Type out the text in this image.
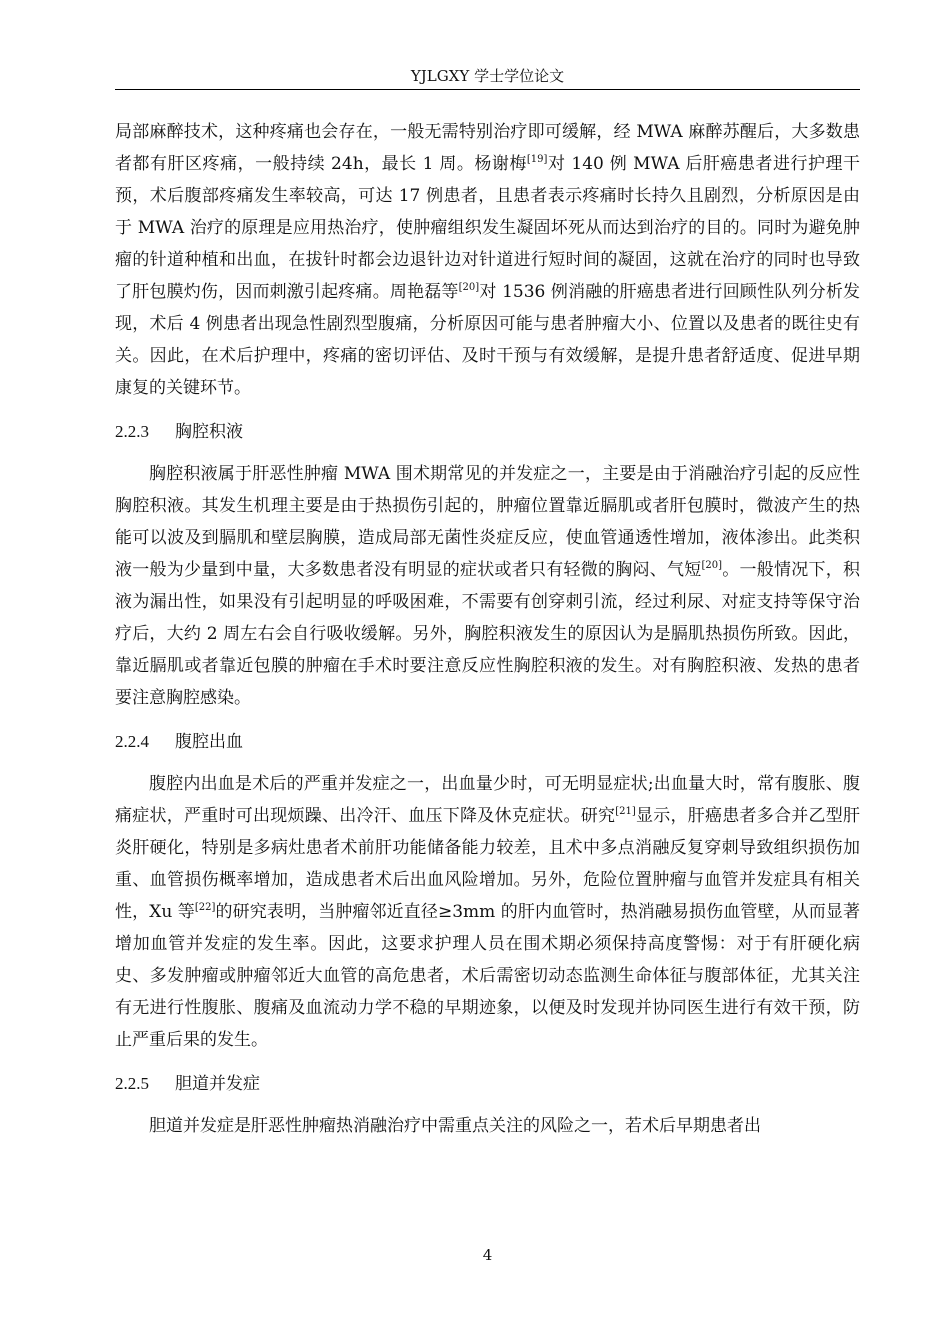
YJLGXY 学士学位论文

局部麻醉技术，这种疼痛也会存在，一般无需特别治疗即可缓解，经 MWA 麻醉苏醒后，大多数患者都有肝区疼痛，一般持续 24h，最长 1 周。杨谢梅[19]对 140 例 MWA 后肝癌患者进行护理干预，术后腹部疼痛发生率较高，可达 17 例患者，且患者表示疼痛时长持久且剧烈，分析原因是由于 MWA 治疗的原理是应用热治疗，使肿瘤组织发生凝固坏死从而达到治疗的目的。同时为避免肿瘤的针道种植和出血，在拔针时都会边退针边对针道进行短时间的凝固，这就在治疗的同时也导致了肝包膜灼伤，因而刺激引起疼痛。周艳磊等[20]对 1536 例消融的肝癌患者进行回顾性队列分析发现，术后 4 例患者出现急性剧烈型腹痛，分析原因可能与患者肿瘤大小、位置以及患者的既往史有关。因此，在术后护理中，疼痛的密切评估、及时干预与有效缓解，是提升患者舒适度、促进早期康复的关键环节。

2.2.3 胸腔积液

胸腔积液属于肝恶性肿瘤 MWA 围术期常见的并发症之一，主要是由于消融治疗引起的反应性胸腔积液。其发生机理主要是由于热损伤引起的，肿瘤位置靠近膈肌或者肝包膜时，微波产生的热能可以波及到膈肌和壁层胸膜，造成局部无菌性炎症反应，使血管通透性增加，液体渗出。此类积液一般为少量到中量，大多数患者没有明显的症状或者只有轻微的胸闷、气短[20]。一般情况下，积液为漏出性，如果没有引起明显的呼吸困难，不需要有创穿刺引流，经过利尿、对症支持等保守治疗后，大约 2 周左右会自行吸收缓解。另外，胸腔积液发生的原因认为是膈肌热损伤所致。因此，靠近膈肌或者靠近包膜的肿瘤在手术时要注意反应性胸腔积液的发生。对有胸腔积液、发热的患者要注意胸腔感染。

2.2.4 腹腔出血

腹腔内出血是术后的严重并发症之一，出血量少时，可无明显症状;出血量大时，常有腹胀、腹痛症状，严重时可出现烦躁、出冷汗、血压下降及休克症状。研究[21]显示，肝癌患者多合并乙型肝炎肝硬化，特别是多病灶患者术前肝功能储备能力较差，且术中多点消融反复穿刺导致组织损伤加重、血管损伤概率增加，造成患者术后出血风险增加。另外，危险位置肿瘤与血管并发症具有相关性，Xu 等[22]的研究表明，当肿瘤邻近直径≥3mm 的肝内血管时，热消融易损伤血管壁，从而显著增加血管并发症的发生率。因此，这要求护理人员在围术期必须保持高度警惕：对于有肝硬化病史、多发肿瘤或肿瘤邻近大血管的高危患者，术后需密切动态监测生命体征与腹部体征，尤其关注有无进行性腹胀、腹痛及血流动力学不稳的早期迹象，以便及时发现并协同医生进行有效干预，防止严重后果的发生。

2.2.5 胆道并发症

胆道并发症是肝恶性肿瘤热消融治疗中需重点关注的风险之一，若术后早期患者出

4
